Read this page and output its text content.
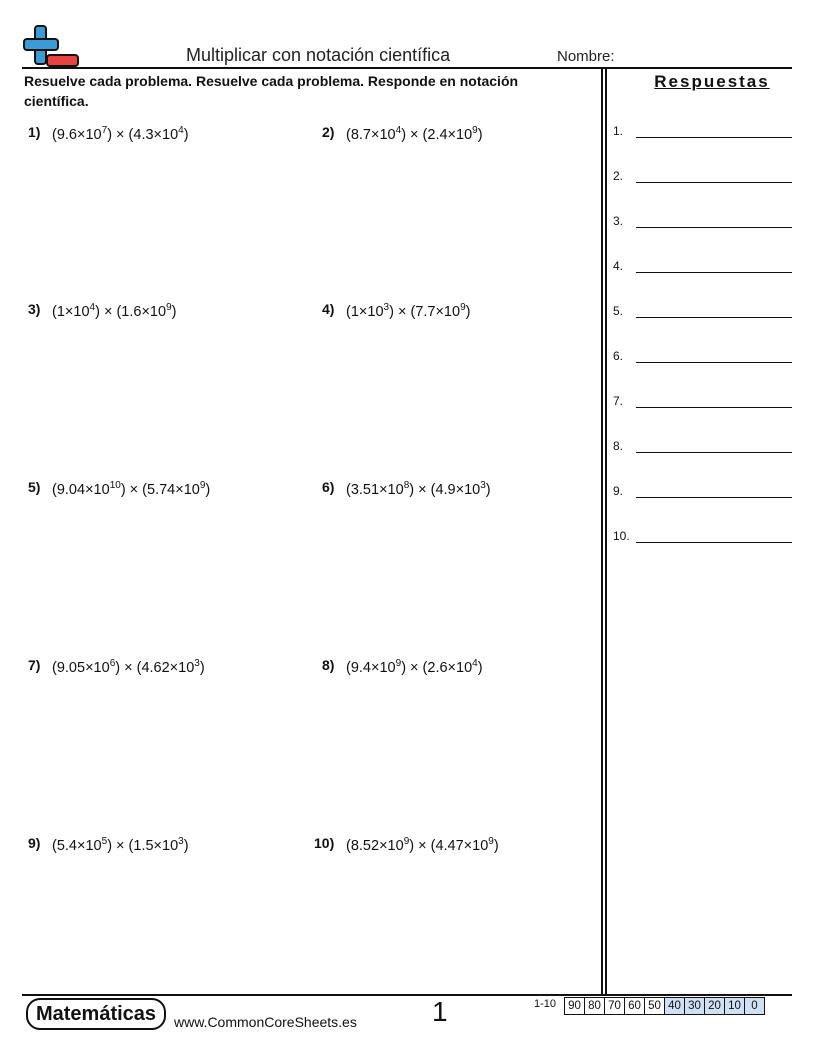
Multiplicar con notación científica	Nombre:
Resuelve cada problema. Resuelve cada problema. Responde en notación científica.
1) $(9.6\times 10^7) \times (4.3\times 10^4)$	2) $(8.7\times 10^4) \times (2.4\times 10^9)$
3) $(1\times 10^4) \times (1.6\times 10^9)$	4) $(1\times 10^3) \times (7.7\times 10^9)$
5) $(9.04\times 10^{10}) \times (5.74\times 10^9)$	6) $(3.51\times 10^8) \times (4.9\times 10^3)$
7) $(9.05\times 10^6) \times (4.62\times 10^3)$	8) $(9.4\times 10^9) \times (2.6\times 10^4)$
9) $(5.4\times 10^5) \times (1.5\times 10^3)$	10) $(8.52\times 10^9) \times (4.47\times 10^9)$
Respuestas
1.
2.
3.
4.
5.
6.
7.
8.
9.
10.
Matemáticas	www.CommonCoreSheets.es	1	1-10 90	80	70	60	50	40	30	20	10	0
